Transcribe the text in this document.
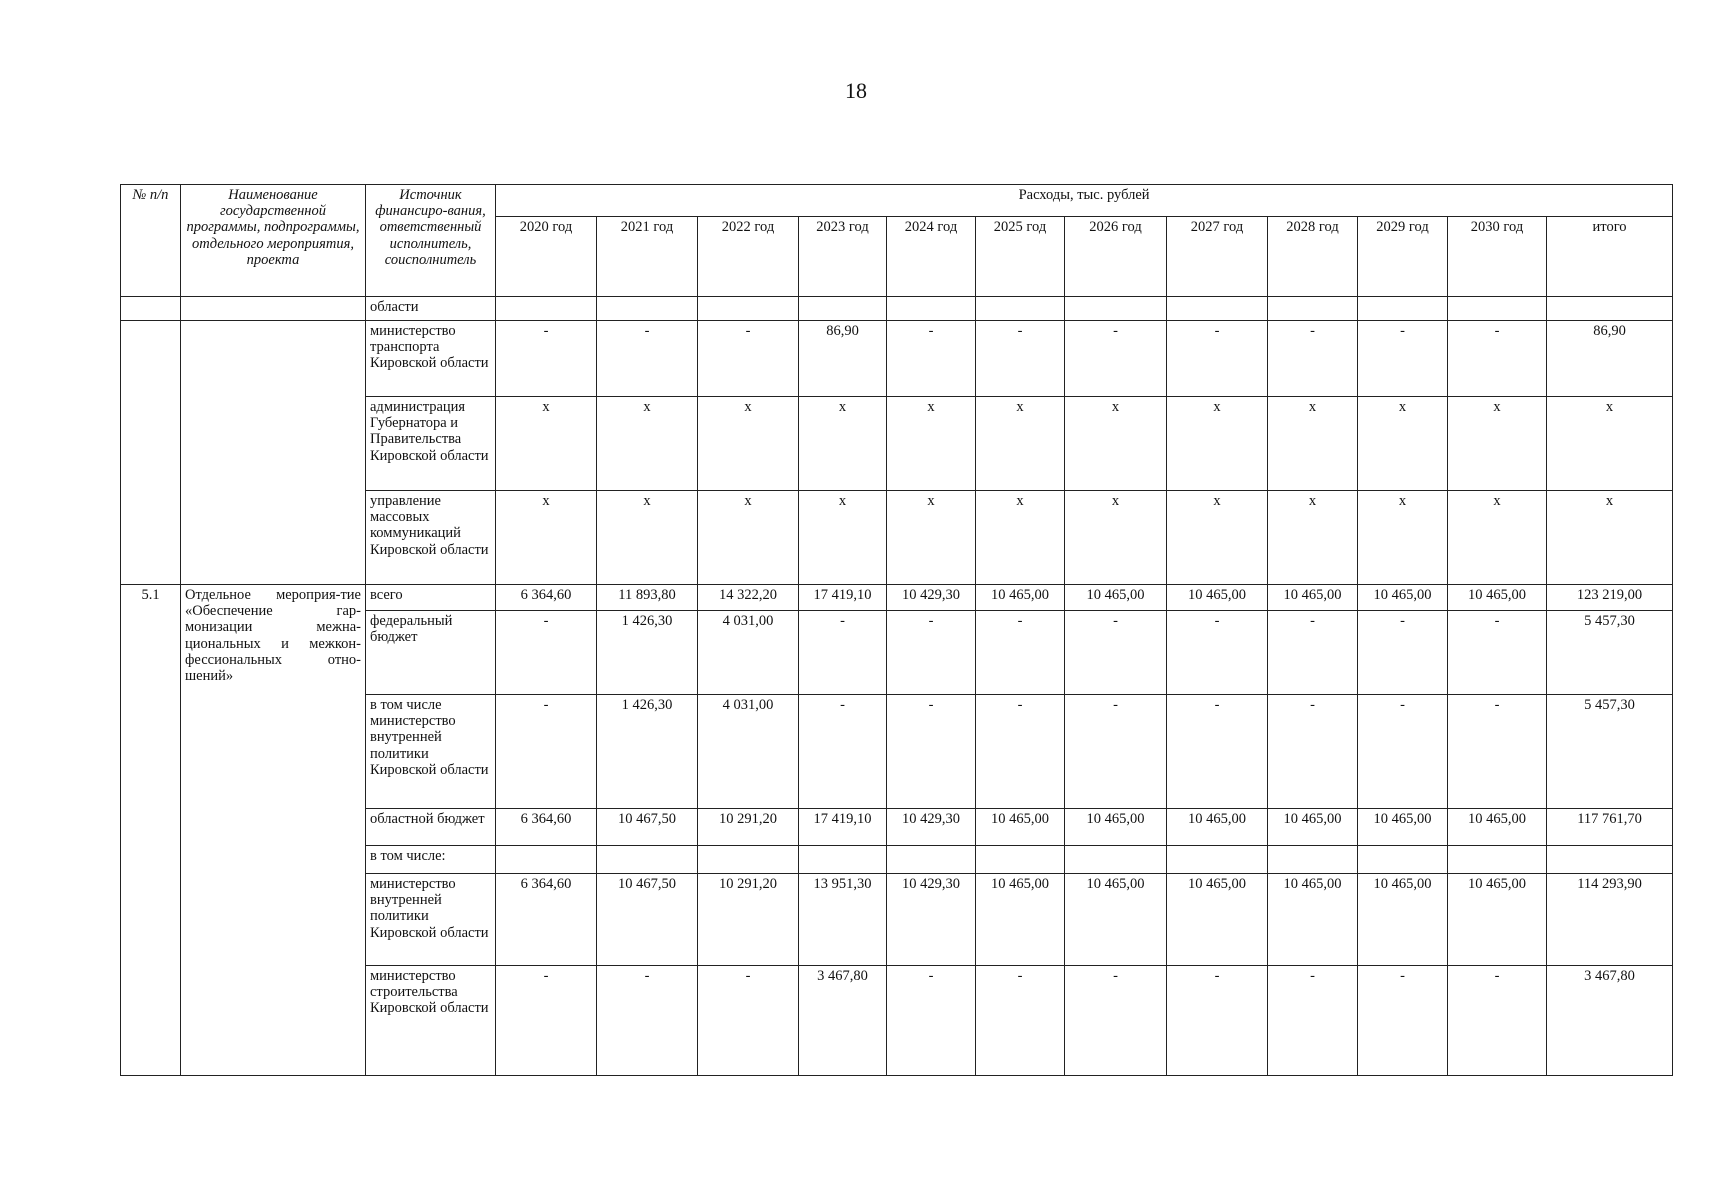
18
№ п/п	Наименование государственной программы, подпрограммы, отдельного мероприятия, проекта	Источник финансиро-вания, ответственный исполнитель, соисполнитель	Расходы, тыс. рублей											
			2020 год	2021 год	2022 год	2023 год	2024 год	2025 год	2026 год	2027 год	2028 год	2029 год	2030 год	итого
		области												
		министерство транспорта Кировской области	-	-	-	86,90	-	-	-	-	-	-	-	86,90
		администрация Губернатора и Правительства Кировской области	x	x	x	x	x	x	x	x	x	x	x	x
		управление массовых коммуникаций Кировской области	x	x	x	x	x	x	x	x	x	x	x	x
5.1	Отдельное мероприя-тие «Обеспечение гар-монизации межна-циональных и межкон-фессиональных отно-шений»	всего	6 364,60	11 893,80	14 322,20	17 419,10	10 429,30	10 465,00	10 465,00	10 465,00	10 465,00	10 465,00	10 465,00	123 219,00
		федеральный бюджет	-	1 426,30	4 031,00	-	-	-	-	-	-	-	-	5 457,30
		в том числе министерство внутренней политики Кировской области	-	1 426,30	4 031,00	-	-	-	-	-	-	-	-	5 457,30
		областной бюджет	6 364,60	10 467,50	10 291,20	17 419,10	10 429,30	10 465,00	10 465,00	10 465,00	10 465,00	10 465,00	10 465,00	117 761,70
		в том числе:												
		министерство внутренней политики Кировской области	6 364,60	10 467,50	10 291,20	13 951,30	10 429,30	10 465,00	10 465,00	10 465,00	10 465,00	10 465,00	10 465,00	114 293,90
		министерство строительства Кировской области	-	-	-	3 467,80	-	-	-	-	-	-	-	3 467,80
